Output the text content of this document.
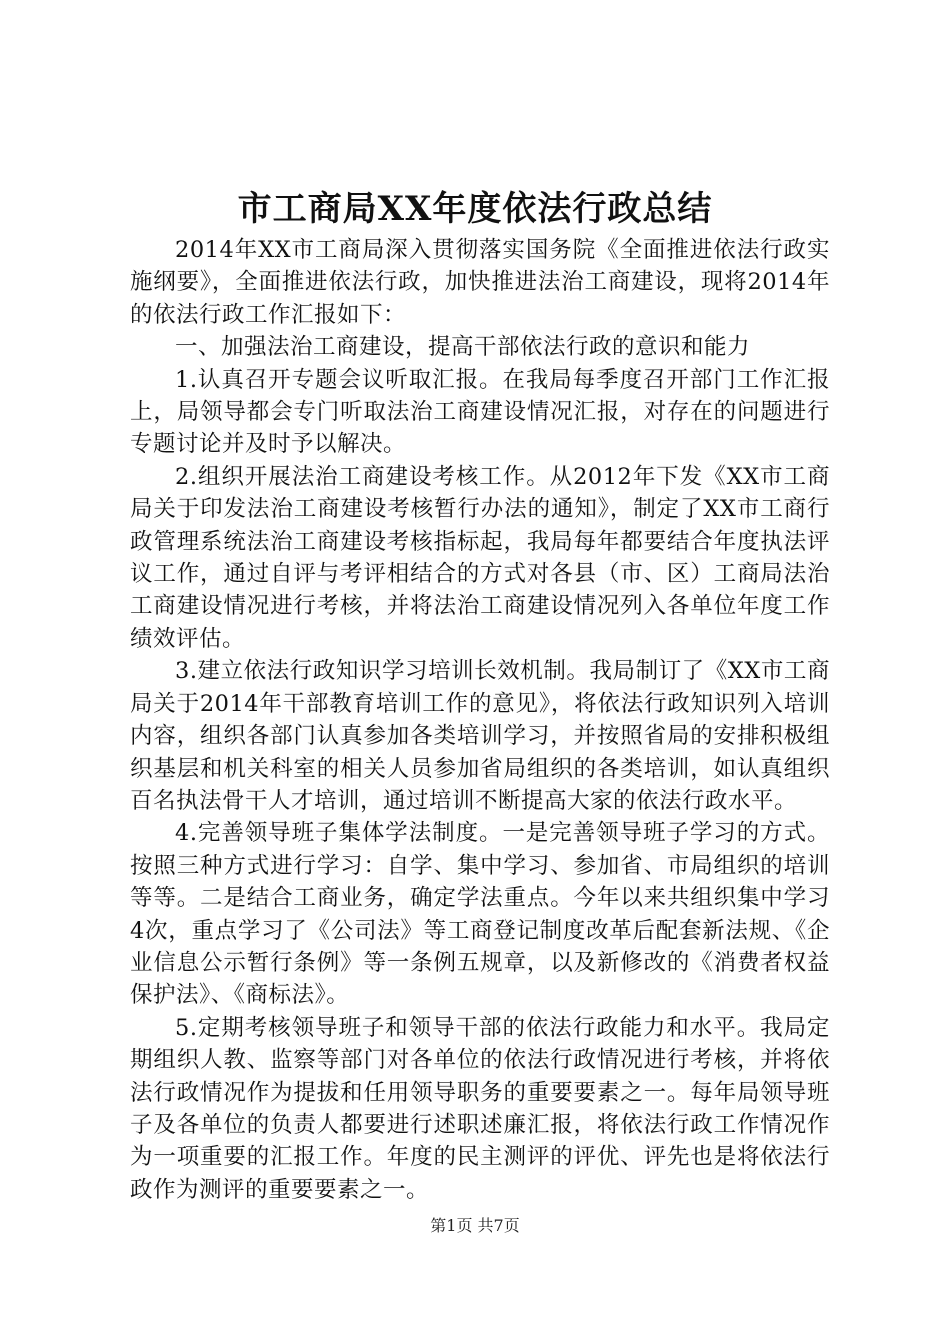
市工商局XX年度依法行政总结

2014年XX市工商局深入贯彻落实国务院《全面推进依法行政实施纲要》，全面推进依法行政，加快推进法治工商建设，现将2014年的依法行政工作汇报如下：

一、加强法治工商建设，提高干部依法行政的意识和能力

1.认真召开专题会议听取汇报。在我局每季度召开部门工作汇报上，局领导都会专门听取法治工商建设情况汇报，对存在的问题进行专题讨论并及时予以解决。

2.组织开展法治工商建设考核工作。从2012年下发《XX市工商局关于印发法治工商建设考核暂行办法的通知》，制定了XX市工商行政管理系统法治工商建设考核指标起，我局每年都要结合年度执法评议工作，通过自评与考评相结合的方式对各县（市、区）工商局法治工商建设情况进行考核，并将法治工商建设情况列入各单位年度工作绩效评估。

3.建立依法行政知识学习培训长效机制。我局制订了《XX市工商局关于2014年干部教育培训工作的意见》，将依法行政知识列入培训内容，组织各部门认真参加各类培训学习，并按照省局的安排积极组织基层和机关科室的相关人员参加省局组织的各类培训，如认真组织百名执法骨干人才培训，通过培训不断提高大家的依法行政水平。

4.完善领导班子集体学法制度。一是完善领导班子学习的方式。按照三种方式进行学习：自学、集中学习、参加省、市局组织的培训等等。二是结合工商业务，确定学法重点。今年以来共组织集中学习4次，重点学习了《公司法》等工商登记制度改革后配套新法规、《企业信息公示暂行条例》等一条例五规章，以及新修改的《消费者权益保护法》、《商标法》。

5.定期考核领导班子和领导干部的依法行政能力和水平。我局定期组织人教、监察等部门对各单位的依法行政情况进行考核，并将依法行政情况作为提拔和任用领导职务的重要要素之一。每年局领导班子及各单位的负责人都要进行述职述廉汇报，将依法行政工作情况作为一项重要的汇报工作。年度的民主测评的评优、评先也是将依法行政作为测评的重要要素之一。

第1页 共7页
